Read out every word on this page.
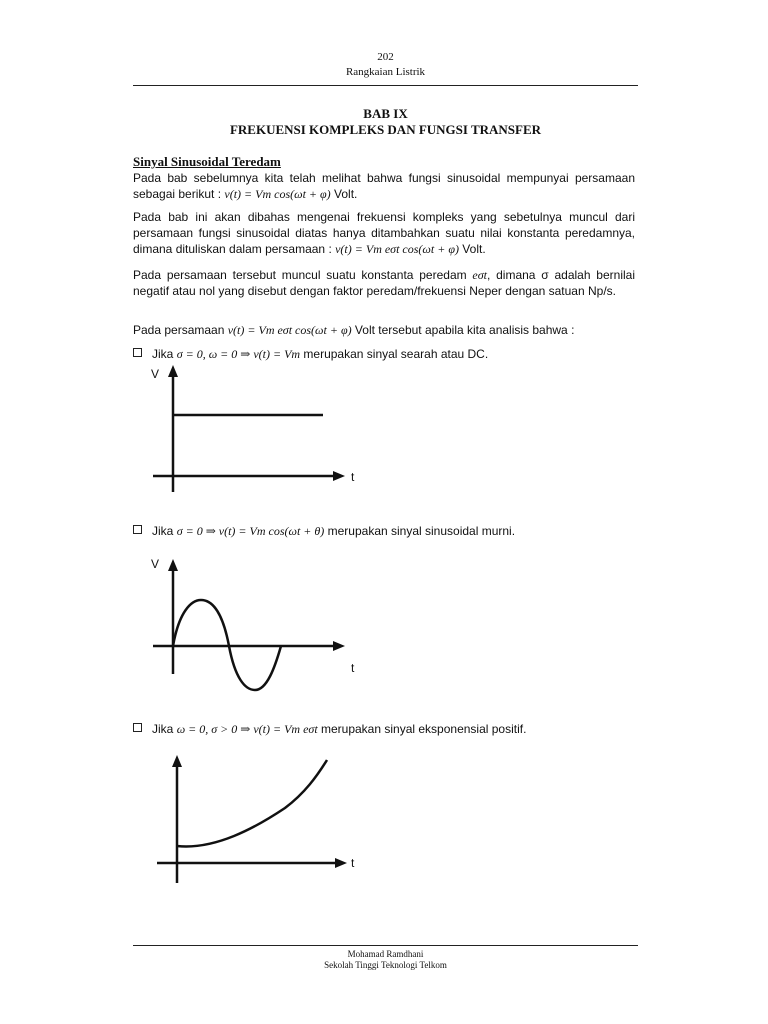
202
Rangkaian Listrik
BAB IX
FREKUENSI KOMPLEKS DAN FUNGSI TRANSFER
Sinyal Sinusoidal Teredam
Pada bab sebelumnya kita telah melihat bahwa fungsi sinusoidal mempunyai persamaan sebagai berikut : v(t) = Vm cos(ωt + φ) Volt.
Pada bab ini akan dibahas mengenai frekuensi kompleks yang sebetulnya muncul dari persamaan fungsi sinusoidal diatas hanya ditambahkan suatu nilai konstanta peredamnya, dimana dituliskan dalam persamaan : v(t) = Vm eσt cos(ωt + φ) Volt.
Pada persamaan tersebut muncul suatu konstanta peredam eσt, dimana σ adalah bernilai negatif atau nol yang disebut dengan faktor peredam/frekuensi Neper dengan satuan Np/s.
Pada persamaan v(t) = Vm eσt cos(ωt + φ) Volt tersebut apabila kita analisis bahwa :
Jika σ = 0, ω = 0 ⇒ v(t) = Vm merupakan sinyal searah atau DC.
V
t
Jika σ = 0 ⇒ v(t) = Vm cos(ωt + θ) merupakan sinyal sinusoidal murni.
V
t
Jika ω = 0, σ > 0 ⇒ v(t) = Vm eσt merupakan sinyal eksponensial positif.
t
Mohamad Ramdhani
Sekolah Tinggi Teknologi Telkom
